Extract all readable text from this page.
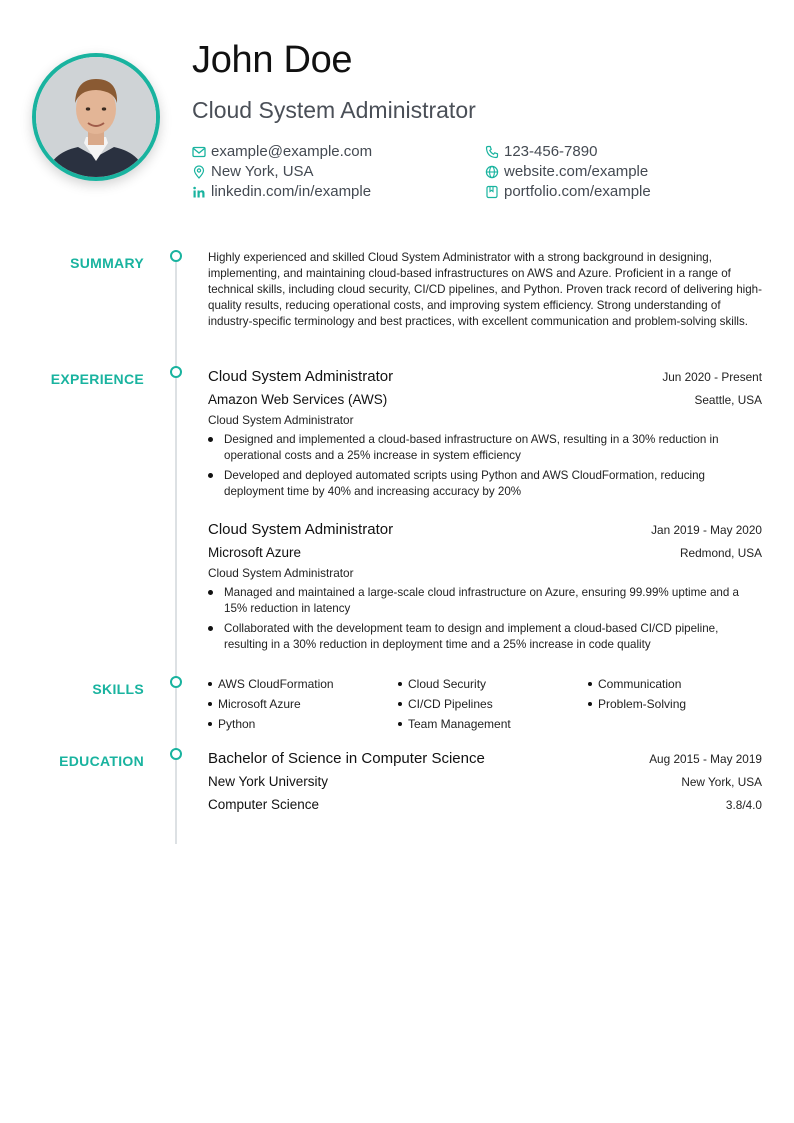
John Doe
Cloud System Administrator
example@example.com	123-456-7890
New York, USA	website.com/example
linkedin.com/in/example	portfolio.com/example
SUMMARY	Highly experienced and skilled Cloud System Administrator with a strong background in designing, implementing, and maintaining cloud-based infrastructures on AWS and Azure. Proficient in a range of technical skills, including cloud security, CI/CD pipelines, and Python. Proven track record of delivering high-quality results, reducing operational costs, and improving system efficiency. Strong understanding of industry-specific terminology and best practices, with excellent communication and problem-solving skills.
EXPERIENCE	Cloud System Administrator	Jun 2020 - Present
Amazon Web Services (AWS)	Seattle, USA
Cloud System Administrator
Designed and implemented a cloud-based infrastructure on AWS, resulting in a 30% reduction in operational costs and a 25% increase in system efficiency
Developed and deployed automated scripts using Python and AWS CloudFormation, reducing deployment time by 40% and increasing accuracy by 20%
Cloud System Administrator	Jan 2019 - May 2020
Microsoft Azure	Redmond, USA
Cloud System Administrator
Managed and maintained a large-scale cloud infrastructure on Azure, ensuring 99.99% uptime and a 15% reduction in latency
Collaborated with the development team to design and implement a cloud-based CI/CD pipeline, resulting in a 30% reduction in deployment time and a 25% increase in code quality
SKILLS	AWS CloudFormation	Cloud Security	Communication
Microsoft Azure	CI/CD Pipelines	Problem-Solving
Python	Team Management
EDUCATION	Bachelor of Science in Computer Science	Aug 2015 - May 2019
New York University	New York, USA
Computer Science	3.8/4.0
